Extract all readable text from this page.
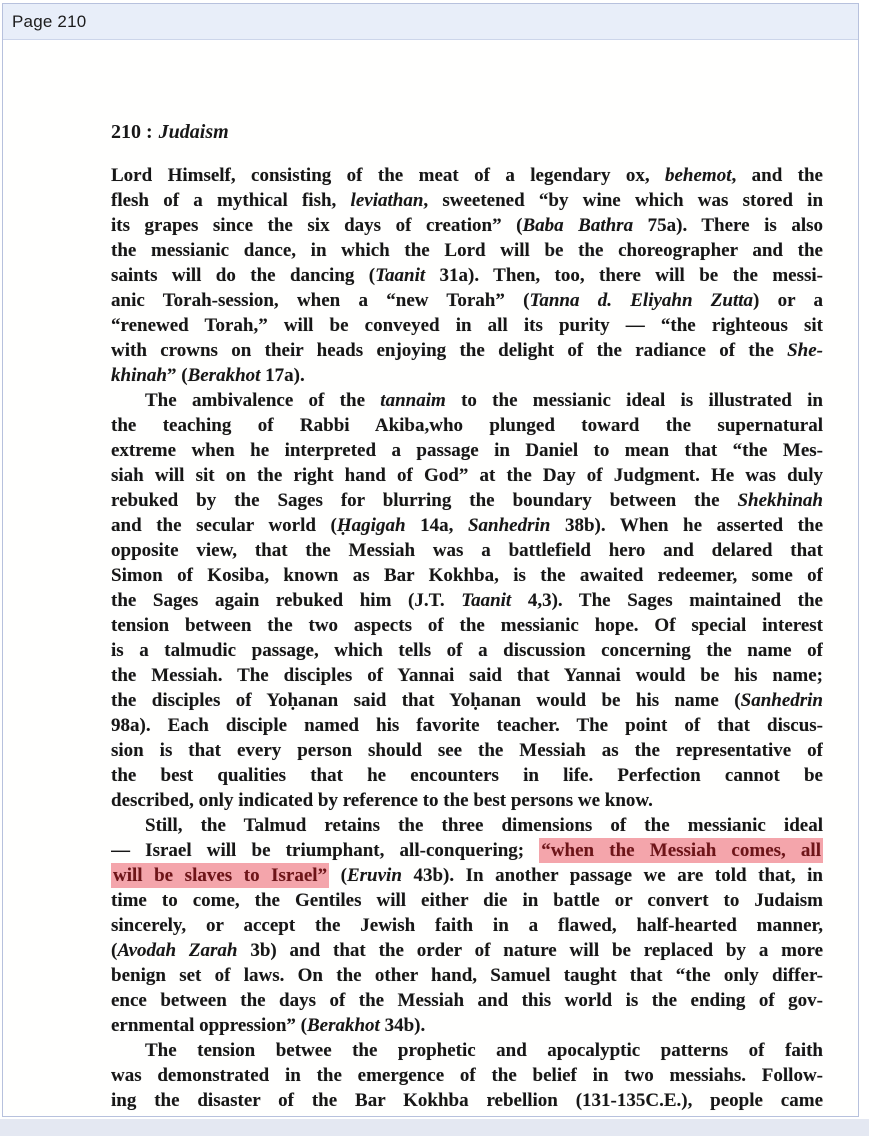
Page 210
210 : Judaism
Lord Himself, consisting of the meat of a legendary ox, behemot, and the
flesh of a mythical fish, leviathan, sweetened “by wine which was stored in
its grapes since the six days of creation” (Baba Bathra 75a). There is also
the messianic dance, in which the Lord will be the choreographer and the
saints will do the dancing (Taanit 31a). Then, too, there will be the messi-
anic Torah-session, when a “new Torah” (Tanna d. Eliyahn Zutta) or a
“renewed Torah,” will be conveyed in all its purity — “the righteous sit
with crowns on their heads enjoying the delight of the radiance of the She-
khinah” (Berakhot 17a).
The ambivalence of the tannaim to the messianic ideal is illustrated in
the teaching of Rabbi Akiba,who plunged toward the supernatural
extreme when he interpreted a passage in Daniel to mean that “the Mes-
siah will sit on the right hand of God” at the Day of Judgment. He was duly
rebuked by the Sages for blurring the boundary between the Shekhinah
and the secular world (Ḥagigah 14a, Sanhedrin 38b). When he asserted the
opposite view, that the Messiah was a battlefield hero and delared that
Simon of Kosiba, known as Bar Kokhba, is the awaited redeemer, some of
the Sages again rebuked him (J.T. Taanit 4,3). The Sages maintained the
tension between the two aspects of the messianic hope. Of special interest
is a talmudic passage, which tells of a discussion concerning the name of
the Messiah. The disciples of Yannai said that Yannai would be his name;
the disciples of Yoḥanan said that Yoḥanan would be his name (Sanhedrin
98a). Each disciple named his favorite teacher. The point of that discus-
sion is that every person should see the Messiah as the representative of
the best qualities that he encounters in life. Perfection cannot be
described, only indicated by reference to the best persons we know.
Still, the Talmud retains the three dimensions of the messianic ideal
— Israel will be triumphant, all-conquering; “when the Messiah comes, all
will be slaves to Israel” (Eruvin 43b). In another passage we are told that, in
time to come, the Gentiles will either die in battle or convert to Judaism
sincerely, or accept the Jewish faith in a flawed, half-hearted manner,
(Avodah Zarah 3b) and that the order of nature will be replaced by a more
benign set of laws. On the other hand, Samuel taught that “the only differ-
ence between the days of the Messiah and this world is the ending of gov-
ernmental oppression” (Berakhot 34b).
The tension betwee the prophetic and apocalyptic patterns of faith
was demonstrated in the emergence of the belief in two messiahs. Follow-
ing the disaster of the Bar Kokhba rebellion (131-135C.E.), people came
